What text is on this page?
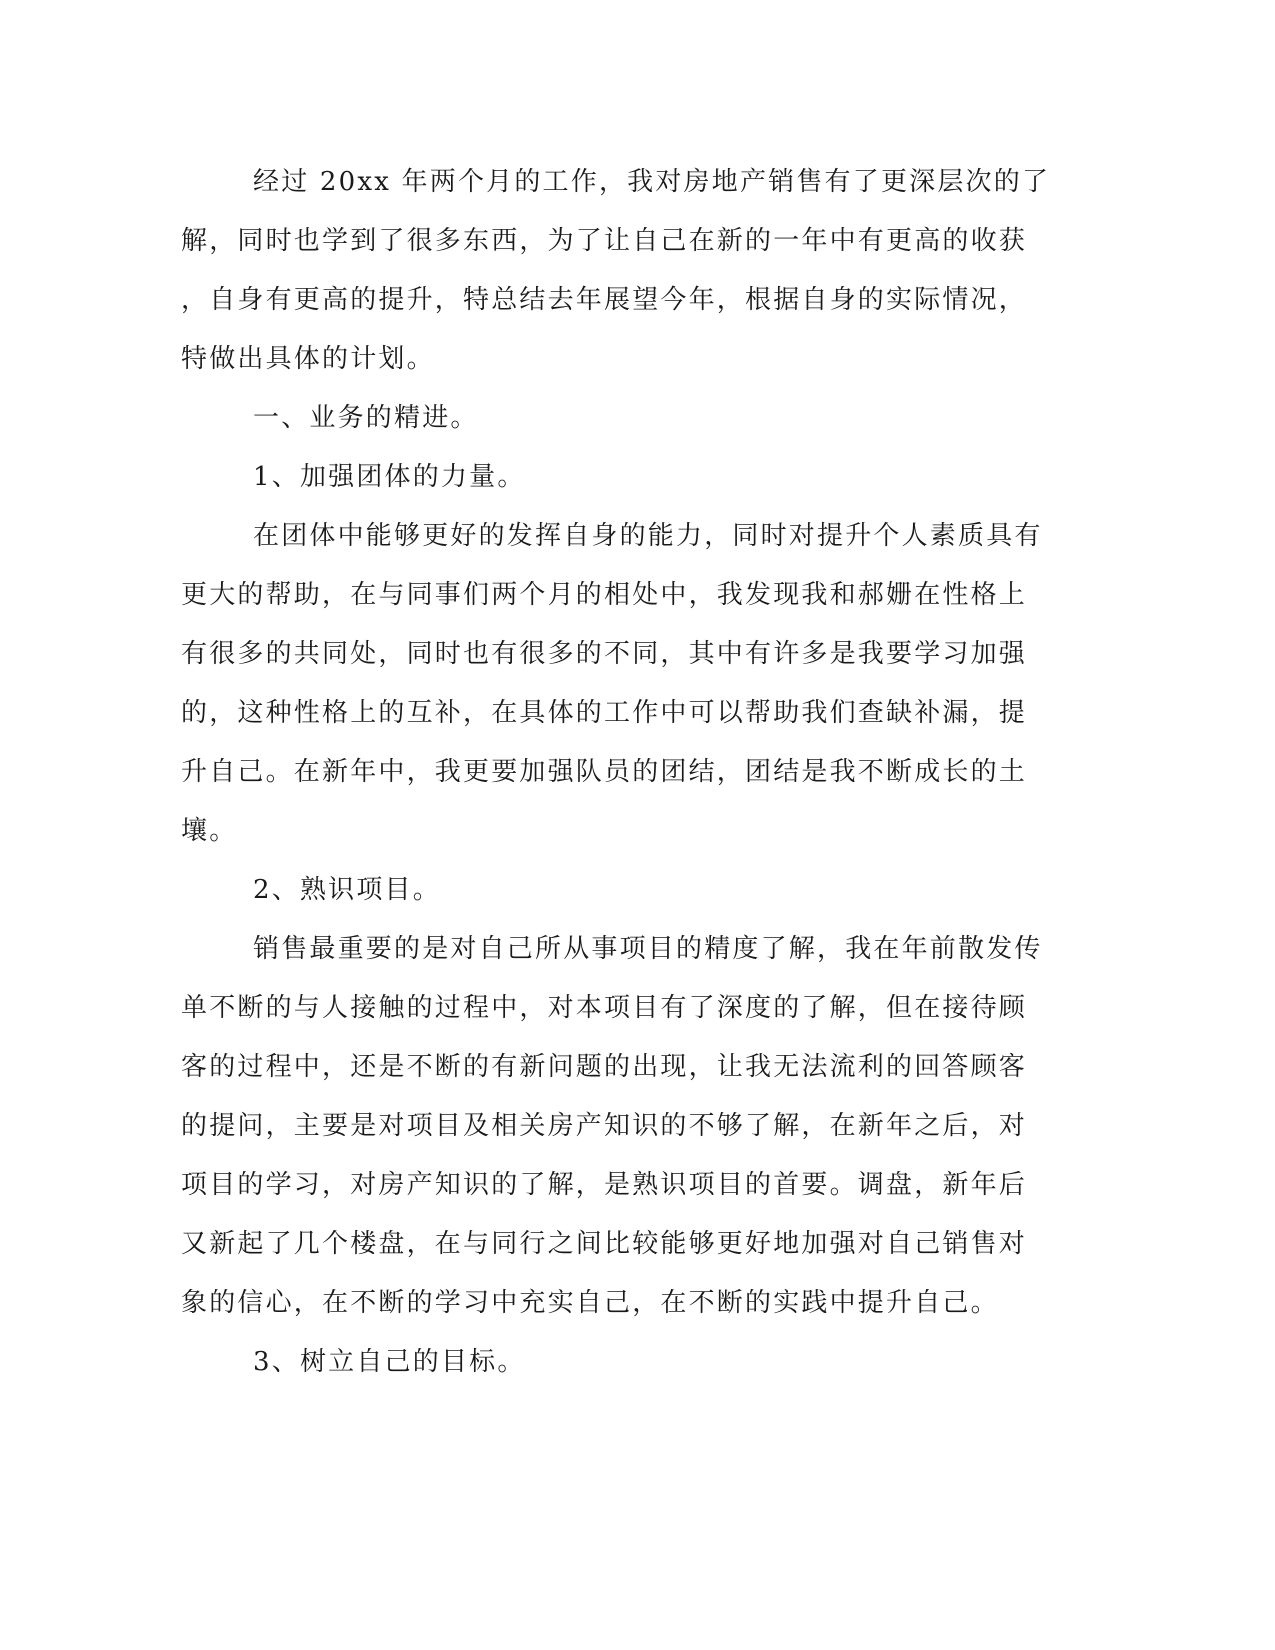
经过 20xx 年两个月的工作，我对房地产销售有了更深层次的了
解，同时也学到了很多东西，为了让自己在新的一年中有更高的收获
，自身有更高的提升，特总结去年展望今年，根据自身的实际情况，
特做出具体的计划。

一、业务的精进。

1、加强团体的力量。

在团体中能够更好的发挥自身的能力，同时对提升个人素质具有
更大的帮助，在与同事们两个月的相处中，我发现我和郝姗在性格上
有很多的共同处，同时也有很多的不同，其中有许多是我要学习加强
的，这种性格上的互补，在具体的工作中可以帮助我们查缺补漏，提
升自己。在新年中，我更要加强队员的团结，团结是我不断成长的土
壤。

2、熟识项目。

销售最重要的是对自己所从事项目的精度了解，我在年前散发传
单不断的与人接触的过程中，对本项目有了深度的了解，但在接待顾
客的过程中，还是不断的有新问题的出现，让我无法流利的回答顾客
的提问，主要是对项目及相关房产知识的不够了解，在新年之后，对
项目的学习，对房产知识的了解，是熟识项目的首要。调盘，新年后
又新起了几个楼盘，在与同行之间比较能够更好地加强对自己销售对
象的信心，在不断的学习中充实自己，在不断的实践中提升自己。

3、树立自己的目标。
